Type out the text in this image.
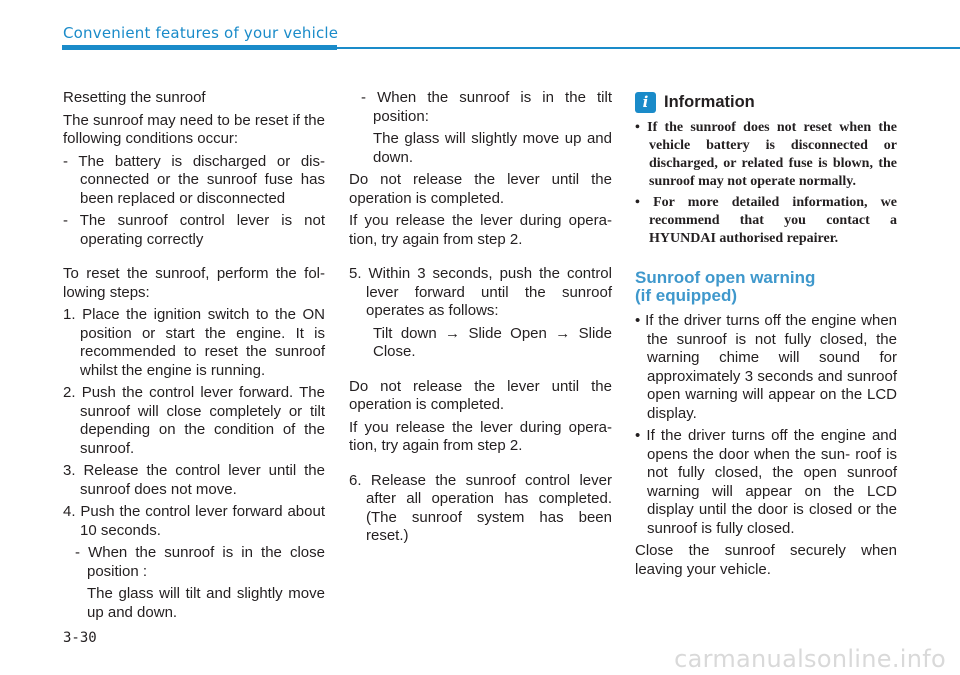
Convenient features of your vehicle

Resetting the sunroof

The sunroof may need to be reset if the following conditions occur:

- The battery is discharged or dis- connected or the sunroof fuse has been replaced or disconnected

- The sunroof control lever is not operating correctly

To reset the sunroof, perform the fol- lowing steps:

1. Place the ignition switch to the ON position or start the engine. It is recommended to reset the sunroof whilst the engine is running.

2. Push the control lever forward. The sunroof will close completely or tilt depending on the condition of the sunroof.

3. Release the control lever until the sunroof does not move.

4. Push the control lever forward about 10 seconds.

- When the sunroof is in the close position :

The glass will tilt and slightly move up and down.

- When the sunroof is in the tilt position:

The glass will slightly move up and down.

Do not release the lever until the operation is completed.

If you release the lever during opera- tion, try again from step 2.

5. Within 3 seconds, push the control lever forward until the sunroof operates as follows:

Tilt down → Slide Open → Slide Close.

Do not release the lever until the operation is completed.

If you release the lever during opera- tion, try again from step 2.

6. Release the sunroof control lever after all operation has completed. (The sunroof system has been reset.)

i Information

• If the sunroof does not reset when the vehicle battery is disconnected or discharged, or related fuse is blown, the sunroof may not operate normally.

• For more detailed information, we recommend that you contact a HYUNDAI authorised repairer.

Sunroof open warning
(if equipped)

• If the driver turns off the engine when the sunroof is not fully closed, the warning chime will sound for approximately 3 seconds and sunroof open warning will appear on the LCD display.

• If the driver turns off the engine and opens the door when the sun- roof is not fully closed, the open sunroof warning will appear on the LCD display until the door is closed or the sunroof is fully closed.

Close the sunroof securely when leaving your vehicle.

3-30
carmanualsonline.info
